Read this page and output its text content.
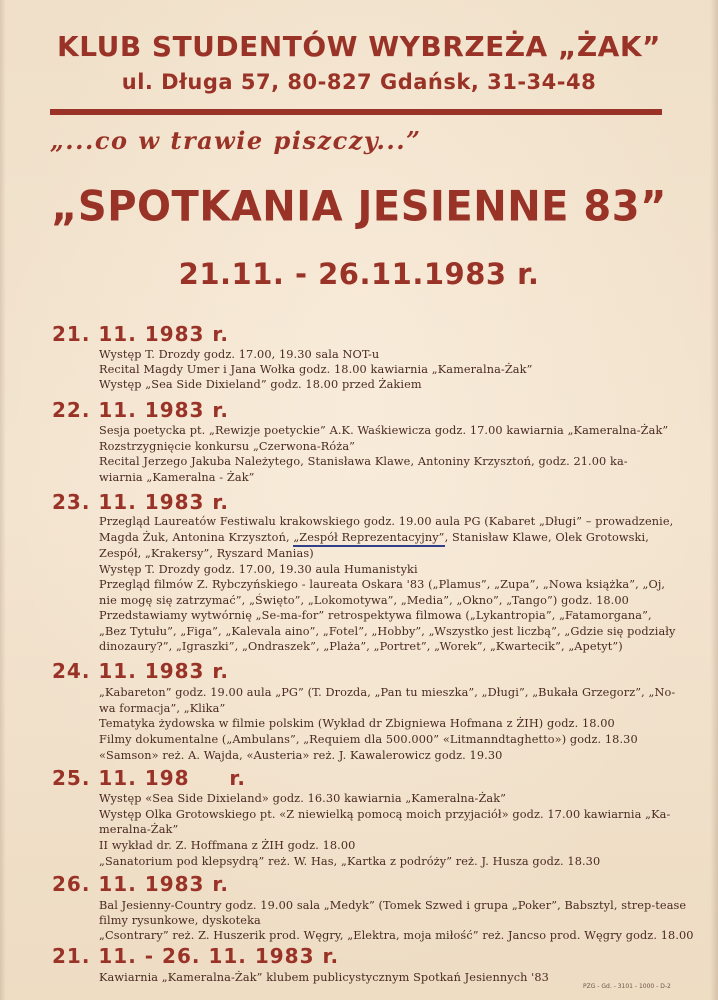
KLUB STUDENTÓW WYBRZEŻA „ŻAK”
ul. Długa 57, 80-827 Gdańsk, 31-34-48
„...co w trawie piszczy...”
„SPOTKANIA JESIENNE 83”
21.11. - 26.11.1983 r.
21. 11. 1983 r.
Występ T. Drozdy godz. 17.00, 19.30 sala NOT-u
Recital Magdy Umer i Jana Wołka godz. 18.00 kawiarnia „Kameralna-Żak”
Występ „Sea Side Dixieland” godz. 18.00 przed Żakiem
22. 11. 1983 r.
Sesja poetycka pt. „Rewizje poetyckie” A.K. Waśkiewicza godz. 17.00 kawiarnia „Kameralna-Żak”
Rozstrzygnięcie konkursu „Czerwona-Róża”
Recital Jerzego Jakuba Należytego, Stanisława Klawe, Antoniny Krzysztoń, godz. 21.00 ka-
wiarnia „Kameralna - Żak”
23. 11. 1983 r.
Przegląd Laureatów Festiwalu krakowskiego godz. 19.00 aula PG (Kabaret „Długi” – prowadzenie,
Magda Żuk, Antonina Krzysztoń, „Zespół Reprezentacyjny”, Stanisław Klawe, Olek Grotowski,
Zespół, „Krakersy”, Ryszard Manias)
Występ T. Drozdy godz. 17.00, 19.30 aula Humanistyki
Przegląd filmów Z. Rybczyńskiego - laureata Oskara '83 („Plamus”, „Zupa”, „Nowa książka”, „Oj,
nie mogę się zatrzymać”, „Święto”, „Lokomotywa”, „Media”, „Okno”, „Tango”) godz. 18.00
Przedstawiamy wytwórnię „Se-ma-for” retrospektywa filmowa („Lykantropia”, „Fatamorgana”,
„Bez Tytułu”, „Figa”, „Kalevala aino”, „Fotel”, „Hobby”, „Wszystko jest liczbą”, „Gdzie się podziały
dinozaury?”, „Igraszki”, „Ondraszek”, „Plaża”, „Portret”, „Worek”, „Kwartecik”, „Apetyt”)
24. 11. 1983 r.
„Kabareton” godz. 19.00 aula „PG” (T. Drozda, „Pan tu mieszka”, „Długi”, „Bukała Grzegorz”, „No-
wa formacja”, „Klika”
Tematyka żydowska w filmie polskim (Wykład dr Zbigniewa Hofmana z ŻIH) godz. 18.00
Filmy dokumentalne („Ambulans”, „Requiem dla 500.000” «Litmanndtaghetto») godz. 18.30
«Samson» reż. A. Wajda, «Austeria» reż. J. Kawalerowicz godz. 19.30
25. 11. 198     r.
Występ «Sea Side Dixieland» godz. 16.30 kawiarnia „Kameralna-Żak”
Występ Olka Grotowskiego pt. «Z niewielką pomocą moich przyjaciół» godz. 17.00 kawiarnia „Ka-
meralna-Żak”
II wykład dr. Z. Hoffmana z ŻIH godz. 18.00
„Sanatorium pod klepsydrą” reż. W. Has, „Kartka z podróży” reż. J. Husza godz. 18.30
26. 11. 1983 r.
Bal Jesienny-Country godz. 19.00 sala „Medyk” (Tomek Szwed i grupa „Poker”, Babsztyl, strep-tease
filmy rysunkowe, dyskoteka
„Csontrary” reż. Z. Huszerik prod. Węgry, „Elektra, moja miłość” reż. Jancso prod. Węgry godz. 18.00
21. 11. - 26. 11. 1983 r.
Kawiarnia „Kameralna-Żak” klubem publicystycznym Spotkań Jesiennych '83
PZG - Gd. - 3101 - 1000 - D-2
